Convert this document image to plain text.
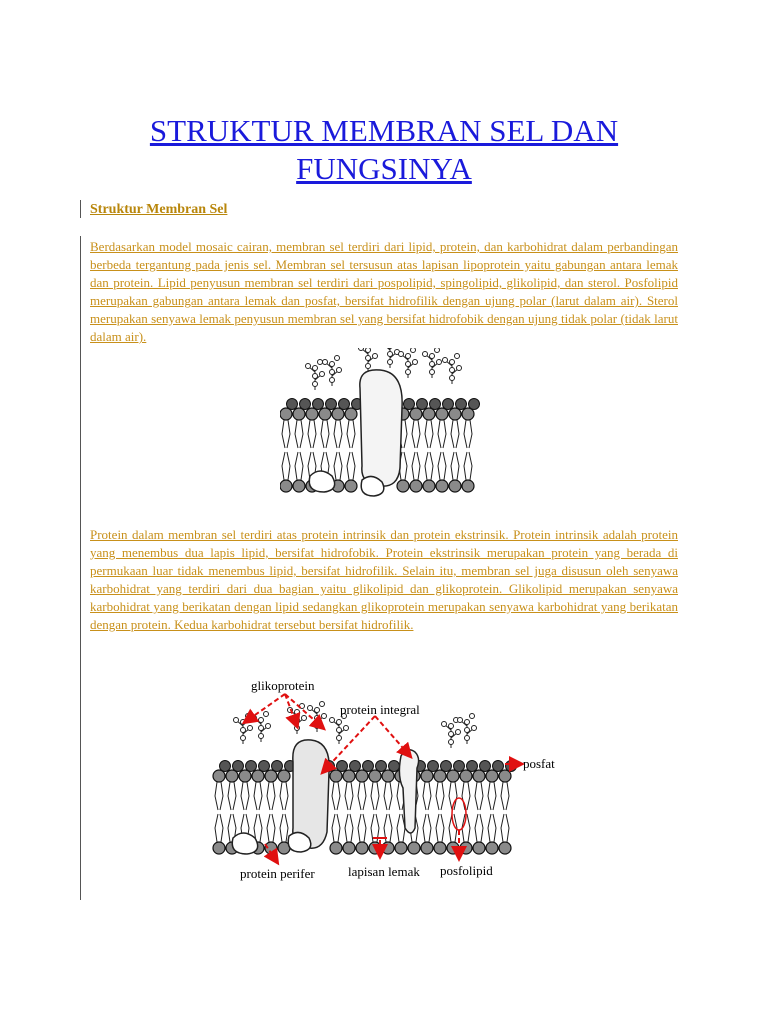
STRUKTUR MEMBRAN SEL DAN FUNGSINYA
Struktur Membran Sel

Berdasarkan model mosaic cairan, membran sel terdiri dari lipid, protein, dan karbohidrat dalam perbandingan berbeda tergantung pada jenis sel. Membran sel tersusun atas lapisan lipoprotein yaitu gabungan antara lemak dan protein. Lipid penyusun membran sel terdiri dari pospolipid, spingolipid, glikolipid, dan sterol. Posfolipid merupakan gabungan antara lemak dan posfat, bersifat hidrofilik dengan ujung polar (larut dalam air). Sterol merupakan senyawa lemak penyusun membran sel yang bersifat hidrofobik dengan ujung tidak polar (tidak larut dalam air).

Protein dalam membran sel terdiri atas protein intrinsik dan protein ekstrinsik. Protein intrinsik adalah protein yang menembus dua lapis lipid, bersifat hidrofobik. Protein ekstrinsik merupakan protein yang berada di permukaan luar tidak menembus lipid, bersifat hidrofilik. Selain itu, membran sel juga disusun oleh senyawa karbohidrat yang terdiri dari dua bagian yaitu glikolipid dan glikoprotein. Glikolipid merupakan senyawa karbohidrat yang berikatan dengan lipid sedangkan glikoprotein merupakan senyawa karbohidrat yang berikatan dengan protein. Kedua karbohidrat tersebut bersifat hidrofilik.

glikoprotein
protein integral
posfat
protein perifer	lapisan lemak posfolipid
